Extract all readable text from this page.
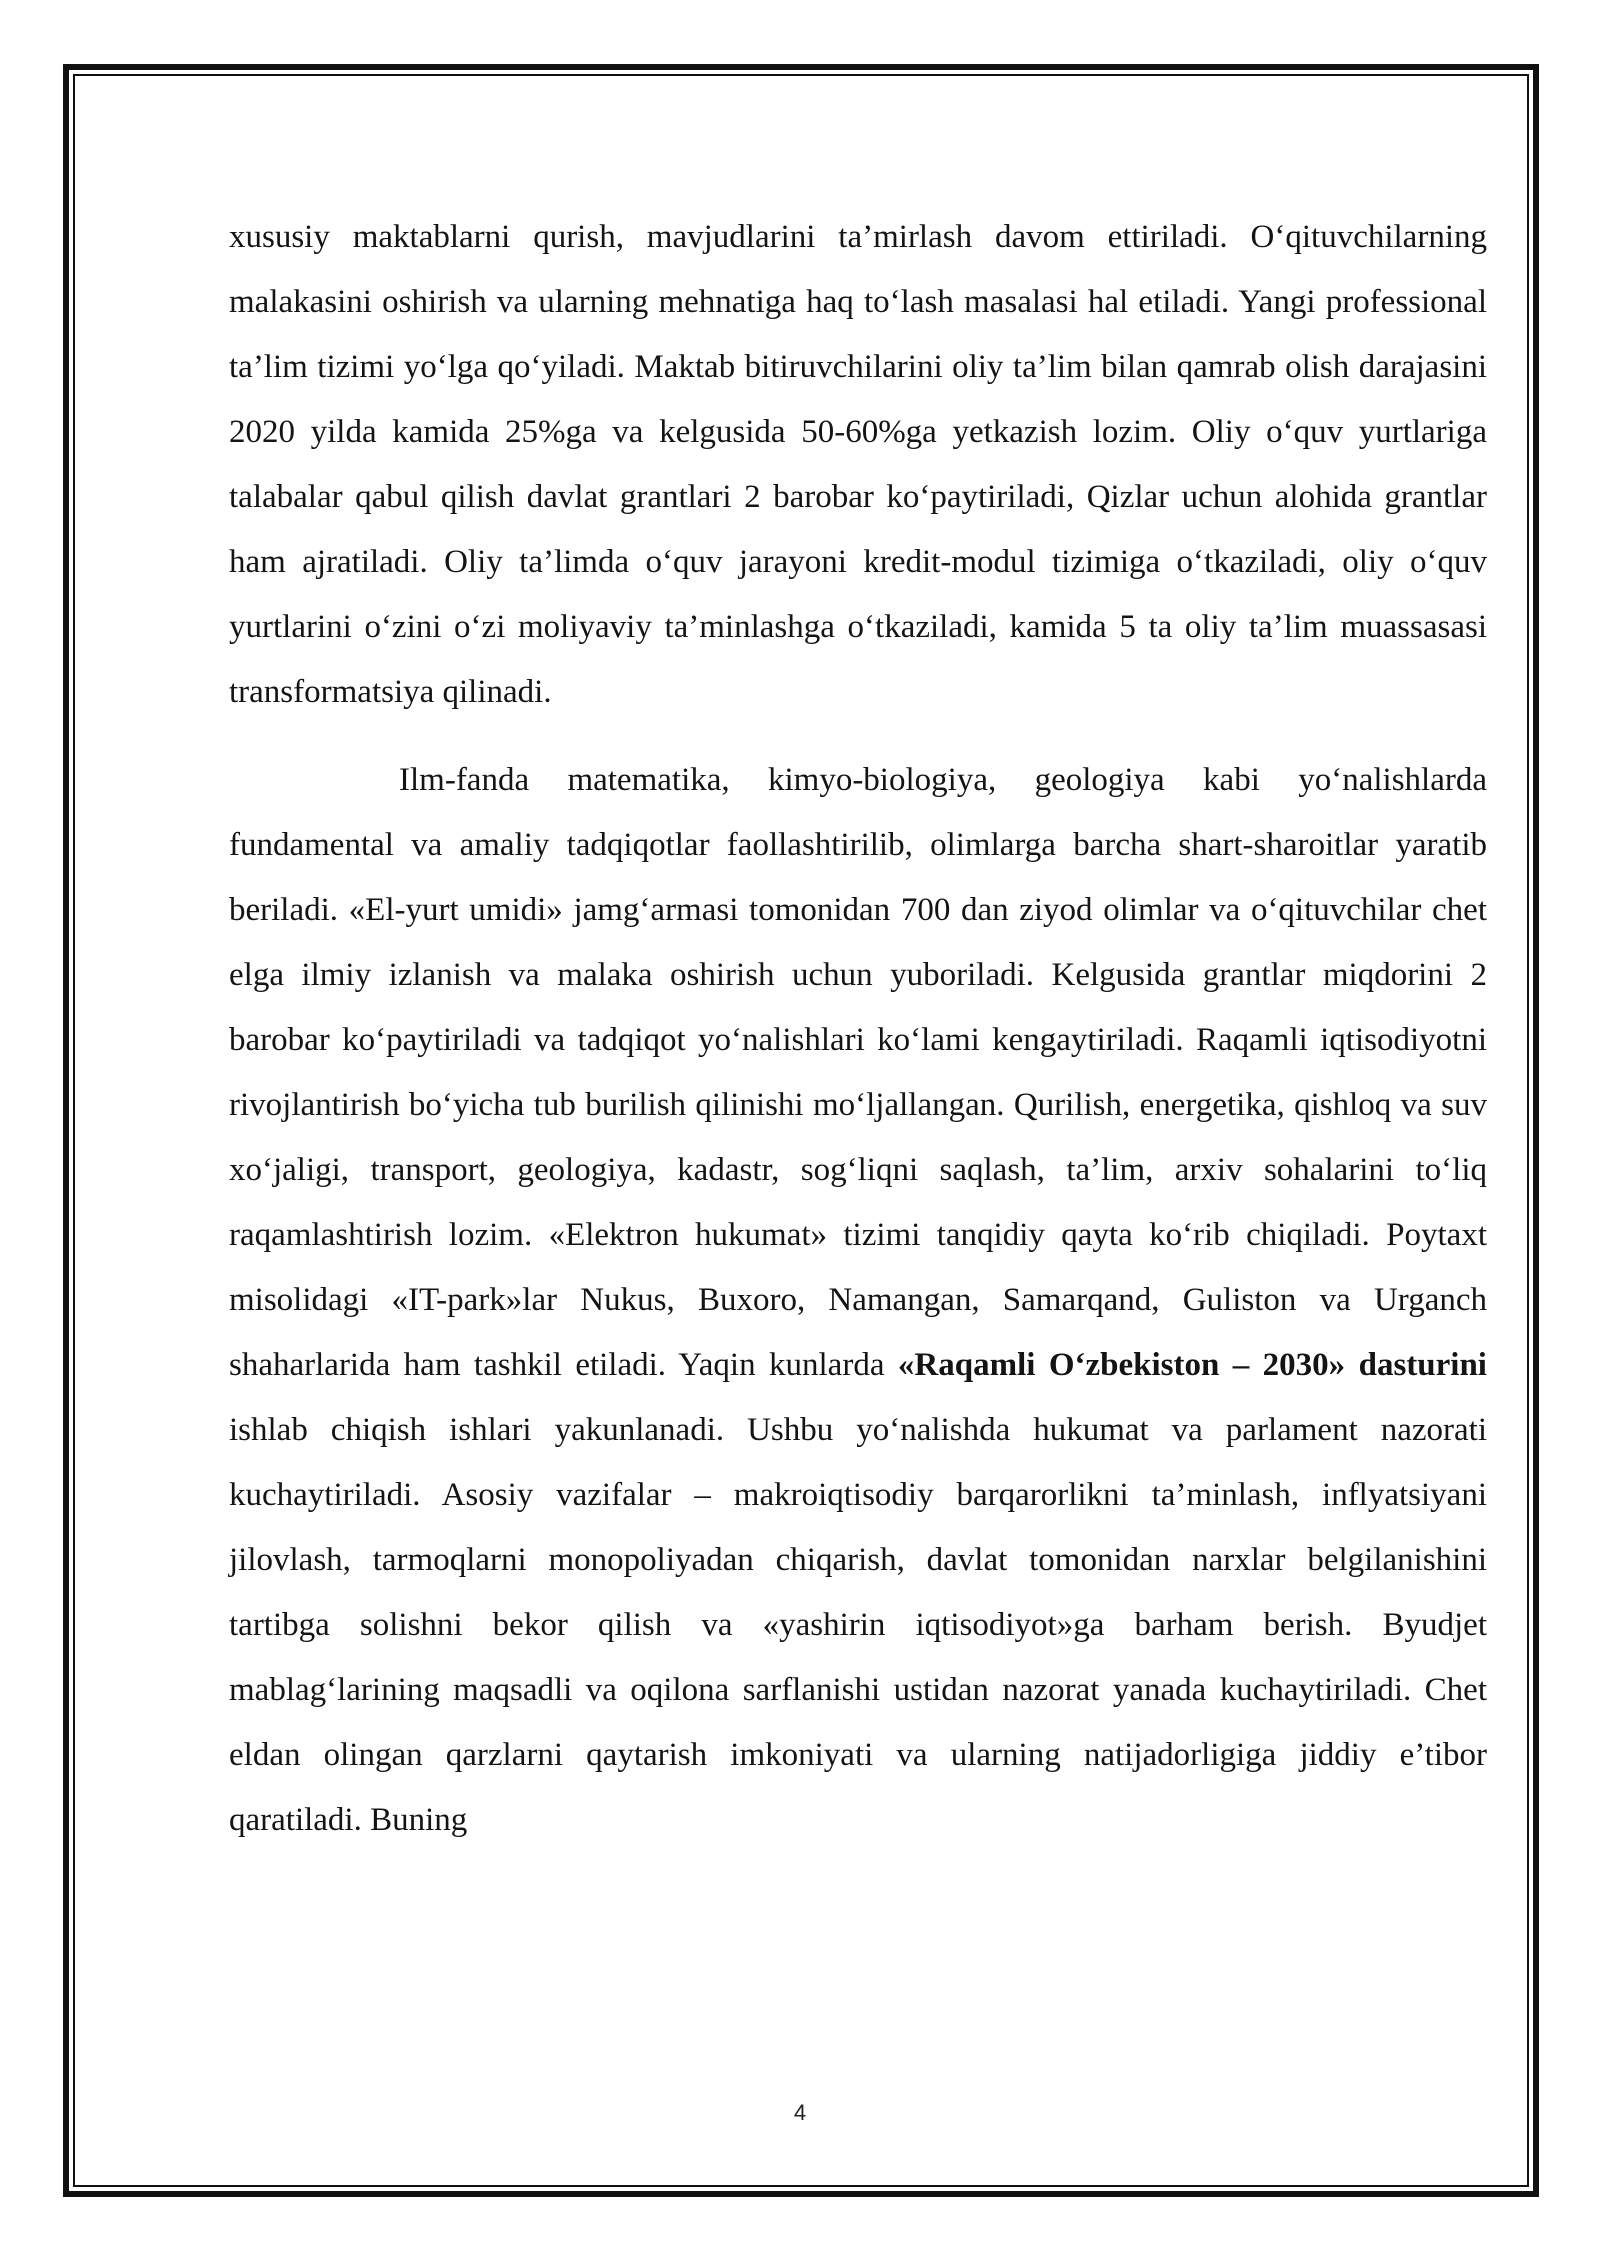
xususiy maktablarni qurish, mavjudlarini ta’mirlash davom ettiriladi. O‘qituvchilarning malakasini oshirish va ularning mehnatiga haq to‘lash masalasi hal etiladi. Yangi professional ta’lim tizimi yo‘lga qo‘yiladi. Maktab bitiruvchilarini oliy ta’lim bilan qamrab olish darajasini 2020 yilda kamida 25%ga va kelgusida 50-60%ga yetkazish lozim. Oliy o‘quv yurtlariga talabalar qabul qilish davlat grantlari 2 barobar ko‘paytiriladi, Qizlar uchun alohida grantlar ham ajratiladi. Oliy ta’limda o‘quv jarayoni kredit-modul tizimiga o‘tkaziladi, oliy o‘quv yurtlarini o‘zini o‘zi moliyaviy ta’minlashga o‘tkaziladi, kamida 5 ta oliy ta’lim muassasasi transformatsiya qilinadi.

Ilm-fanda matematika, kimyo-biologiya, geologiya kabi yo‘nalishlarda fundamental va amaliy tadqiqotlar faollashtirilib, olimlarga barcha shart-sharoitlar yaratib beriladi. «El-yurt umidi» jamg‘armasi tomonidan 700 dan ziyod olimlar va o‘qituvchilar chet elga ilmiy izlanish va malaka oshirish uchun yuboriladi. Kelgusida grantlar miqdorini 2 barobar ko‘paytiriladi va tadqiqot yo‘nalishlari ko‘lami kengaytiriladi. Raqamli iqtisodiyotni rivojlantirish bo‘yicha tub burilish qilinishi mo‘ljallangan. Qurilish, energetika, qishloq va suv xo‘jaligi, transport, geologiya, kadastr, sog‘liqni saqlash, ta’lim, arxiv sohalarini to‘liq raqamlashtirish lozim. «Elektron hukumat» tizimi tanqidiy qayta ko‘rib chiqiladi. Poytaxt misolidagi «IT-park»lar Nukus, Buxoro, Namangan, Samarqand, Guliston va Urganch shaharlarida ham tashkil etiladi. Yaqin kunlarda «Raqamli O‘zbekiston – 2030» dasturini ishlab chiqish ishlari yakunlanadi. Ushbu yo‘nalishda hukumat va parlament nazorati kuchaytiriladi. Asosiy vazifalar – makroiqtisodiy barqarorlikni ta’minlash, inflyatsiyani jilovlash, tarmoqlarni monopoliyadan chiqarish, davlat tomonidan narxlar belgilanishini tartibga solishni bekor qilish va «yashirin iqtisodiyot»ga barham berish. Byudjet mablag‘larining maqsadli va oqilona sarflanishi ustidan nazorat yanada kuchaytiriladi. Chet eldan olingan qarzlarni qaytarish imkoniyati va ularning natijadorligiga jiddiy e’tibor qaratiladi. Buning

4
